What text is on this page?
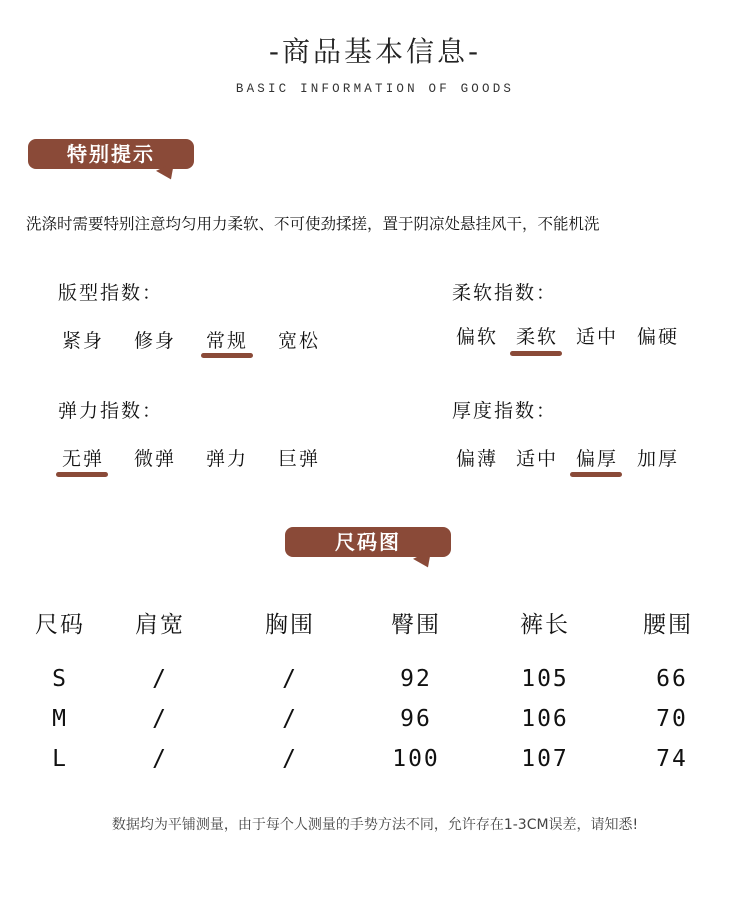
-商品基本信息-
BASIC INFORMATION OF GOODS
特别提示
洗涤时需要特别注意均匀用力柔软、不可使劲揉搓，置于阴凉处悬挂风干，不能机洗
版型指数：
紧身 修身 常规 宽松
柔软指数：
偏软 柔软 适中 偏硬
弹力指数：
无弹 微弹 弹力 巨弹
厚度指数：
偏薄 适中 偏厚 加厚
尺码图
尺码	肩宽	胸围	臀围	裤长	腰围
S	/	/	92	105	66
M	/	/	96	106	70
L	/	/	100	107	74
数据均为平铺测量，由于每个人测量的手势方法不同，允许存在1-3CM误差，请知悉!
